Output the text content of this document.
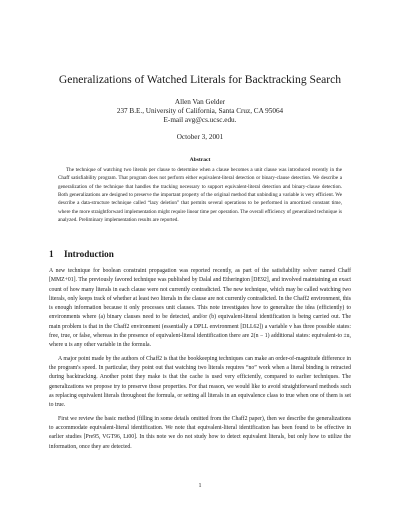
Generalizations of Watched Literals for Backtracking Search
Allen Van Gelder
237 B.E., University of California, Santa Cruz, CA 95064
E-mail avg@cs.ucsc.edu.
October 3, 2001
Abstract

The technique of watching two literals per clause to determine when a clause becomes a unit clause was introduced recently in the Chaff satisfiability program. That program does not perform either equivalent-literal detection or binary-clause detection. We describe a generalization of the technique that handles the tracking necessary to support equivalent-literal detection and binary-clause detection. Both generalizations are designed to preserve the important property of the original method that unbinding a variable is very efficient. We describe a data-structure technique called “lazy deletion” that permits several operations to be performed in amortized constant time, where the more straightforward implementation might require linear time per operation. The overall efficiency of generalized technique is analyzed. Preliminary implementation results are reported.

1 Introduction

A new technique for boolean constraint propagation was reported recently, as part of the satisfiability solver named Chaff [MMZ+01]. The previously favored technique was published by Dalal and Etherington [DE92], and involved maintaining an exact count of how many literals in each clause were not currently contradicted. The new technique, which may be called watching two literals, only keeps track of whether at least two literals in the clause are not currently contradicted. In the Chaff2 environment, this is enough information because it only processes unit clauses. This note investigates how to generalize the idea (efficiently) to environments where (a) binary clauses need to be detected, and/or (b) equivalent-literal identification is being carried out. The main problem is that in the Chaff2 environment (essentially a DPLL environment [DLL62]) a variable v has three possible states: free, true, or false, whereas in the presence of equivalent-literal identification there are 2(n − 1) additional states: equivalent-to ±u, where u is any other variable in the formula.

A major point made by the authors of Chaff2 is that the bookkeeping techniques can make an order-of-magnitude difference in the program's speed. In particular, they point out that watching two literals requires “no” work when a literal binding is retracted during backtracking. Another point they make is that the cache is used very efficiently, compared to earlier techniques. The generalizations we propose try to preserve those properties. For that reason, we would like to avoid straightforward methods such as replacing equivalent literals throughout the formula, or setting all literals in an equivalence class to true when one of them is set to true.

First we review the basic method (filling in some details omitted from the Chaff2 paper), then we describe the generalizations to accommodate equivalent-literal identification. We note that equivalent-literal identification has been found to be effective in earlier studies [Pre95, VGT96, Li00]. In this note we do not study how to detect equivalent literals, but only how to utilize the information, once they are detected.

1
